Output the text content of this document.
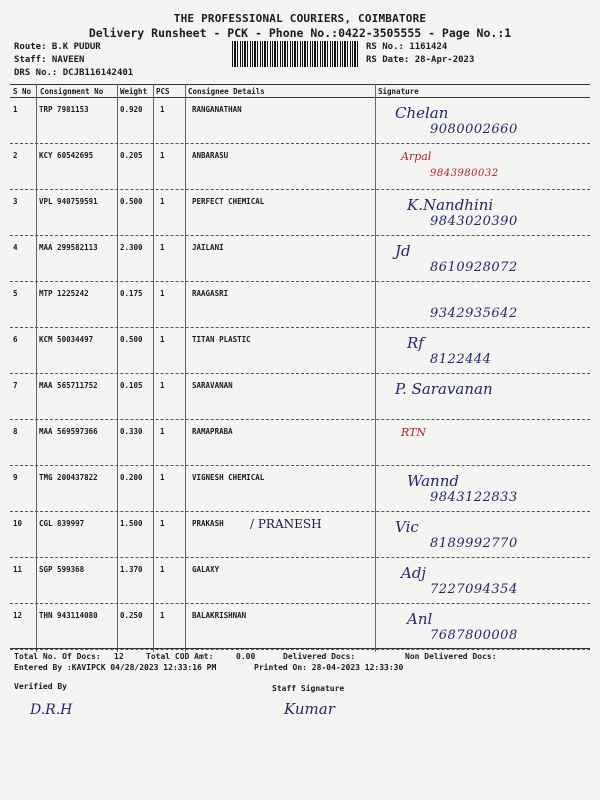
THE PROFESSIONAL COURIERS, COIMBATORE
Delivery Runsheet - PCK - Phone No.:0422-3505555 - Page No.:1
Route: B.K PUDUR
Staff: NAVEEN
DRS No.: DCJB116142401
RS No.: 1161424
RS Date: 28-Apr-2023
S No Consignment No Weight PCS Consignee Details	Signature
1	TRP 7981153	0.920 1	RANGANATHAN	Chelan
9080002660
2	KCY 60542695	0.205 1	ANBARASU	Arpal
9843980032
3	VPL 940759591	0.500 1	PERFECT CHEMICAL	K.Nandhini
9843020390
4	MAA 299582113	2.300 1	JAILANI	Jd
8610928072
5	MTP 1225242	0.175 1	RAAGASRI
9342935642
6	KCM 50034497	0.500 1	TITAN PLASTIC	Rf
8122444
7	MAA 565711752	0.105 1	SARAVANAN	P. Saravanan
8	MAA 569597366	0.330 1	RAMAPRABA	RTN
9	TMG 200437822	0.200 1	VIGNESH CHEMICAL	Wannd
9843122833
10 CGL 839997	1.500 1	PRAKASH / PRANESH	Vic
8189992770
11 SGP 599368	1.370 1	GALAXY	Adj
7227094354
12 THN 943114080	0.250 1	BALAKRISHNAN	Anl
7687800008
Total No. Of Docs: 12	Total COD Amt:	0.00	Delivered Docs:	Non Delivered Docs:
Entered By :KAVIPCK 04/28/2023 12:33:16 PM	Printed On: 28-04-2023 12:33:30
Verified By	Staff Signature
D.R.H	Kumar
